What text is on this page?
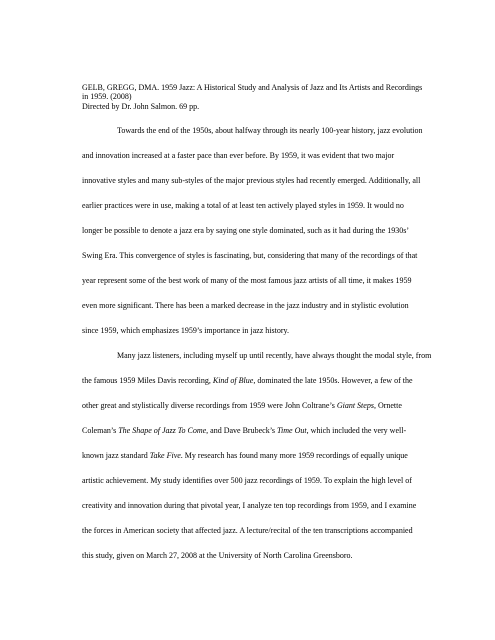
GELB, GREGG, DMA. 1959 Jazz: A Historical Study and Analysis of Jazz and Its Artists and Recordings
in 1959. (2008)
Directed by Dr. John Salmon. 69 pp.
Towards the end of the 1950s, about halfway through its nearly 100-year history, jazz evolution
and innovation increased at a faster pace than ever before. By 1959, it was evident that two major
innovative styles and many sub-styles of the major previous styles had recently emerged. Additionally, all
earlier practices were in use, making a total of at least ten actively played styles in 1959. It would no
longer be possible to denote a jazz era by saying one style dominated, such as it had during the 1930s’
Swing Era. This convergence of styles is fascinating, but, considering that many of the recordings of that
year represent some of the best work of many of the most famous jazz artists of all time, it makes 1959
even more significant. There has been a marked decrease in the jazz industry and in stylistic evolution
since 1959, which emphasizes 1959’s importance in jazz history.
Many jazz listeners, including myself up until recently, have always thought the modal style, from
the famous 1959 Miles Davis recording, Kind of Blue, dominated the late 1950s. However, a few of the
other great and stylistically diverse recordings from 1959 were John Coltrane’s Giant Steps, Ornette
Coleman’s The Shape of Jazz To Come, and Dave Brubeck’s Time Out, which included the very well-
known jazz standard Take Five. My research has found many more 1959 recordings of equally unique
artistic achievement. My study identifies over 500 jazz recordings of 1959. To explain the high level of
creativity and innovation during that pivotal year, I analyze ten top recordings from 1959, and I examine
the forces in American society that affected jazz. A lecture/recital of the ten transcriptions accompanied
this study, given on March 27, 2008 at the University of North Carolina Greensboro.
